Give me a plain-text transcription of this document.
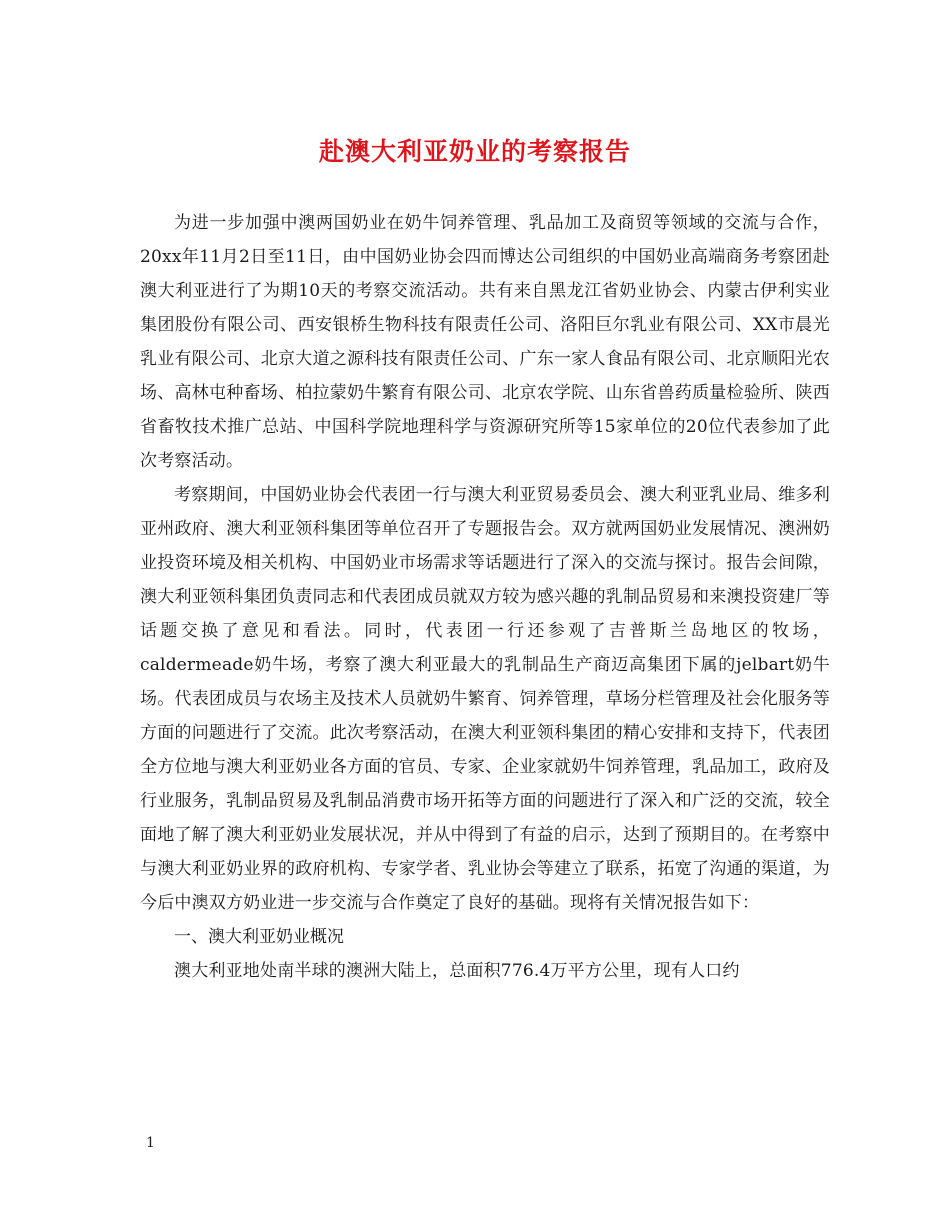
赴澳大利亚奶业的考察报告

为进一步加强中澳两国奶业在奶牛饲养管理、乳品加工及商贸等领域的交流与合作，20xx年11月2日至11日，由中国奶业协会四而博达公司组织的中国奶业高端商务考察团赴澳大利亚进行了为期10天的考察交流活动。共有来自黑龙江省奶业协会、内蒙古伊利实业集团股份有限公司、西安银桥生物科技有限责任公司、洛阳巨尔乳业有限公司、XX市晨光乳业有限公司、北京大道之源科技有限责任公司、广东一家人食品有限公司、北京顺阳光农场、高林屯种畜场、柏拉蒙奶牛繁育有限公司、北京农学院、山东省兽药质量检验所、陕西省畜牧技术推广总站、中国科学院地理科学与资源研究所等15家单位的20位代表参加了此次考察活动。

考察期间，中国奶业协会代表团一行与澳大利亚贸易委员会、澳大利亚乳业局、维多利亚州政府、澳大利亚领科集团等单位召开了专题报告会。双方就两国奶业发展情况、澳洲奶业投资环境及相关机构、中国奶业市场需求等话题进行了深入的交流与探讨。报告会间隙，澳大利亚领科集团负责同志和代表团成员就双方较为感兴趣的乳制品贸易和来澳投资建厂等话题交换了意见和看法。同时，代表团一行还参观了吉普斯兰岛地区的牧场，caldermeade奶牛场，考察了澳大利亚最大的乳制品生产商迈高集团下属的jelbart奶牛场。代表团成员与农场主及技术人员就奶牛繁育、饲养管理，草场分栏管理及社会化服务等方面的问题进行了交流。此次考察活动，在澳大利亚领科集团的精心安排和支持下，代表团全方位地与澳大利亚奶业各方面的官员、专家、企业家就奶牛饲养管理，乳品加工，政府及行业服务，乳制品贸易及乳制品消费市场开拓等方面的问题进行了深入和广泛的交流，较全面地了解了澳大利亚奶业发展状况，并从中得到了有益的启示，达到了预期目的。在考察中与澳大利亚奶业界的政府机构、专家学者、乳业协会等建立了联系，拓宽了沟通的渠道，为今后中澳双方奶业进一步交流与合作奠定了良好的基础。现将有关情况报告如下：

一、澳大利亚奶业概况

澳大利亚地处南半球的澳洲大陆上，总面积776.4万平方公里，现有人口约

1
